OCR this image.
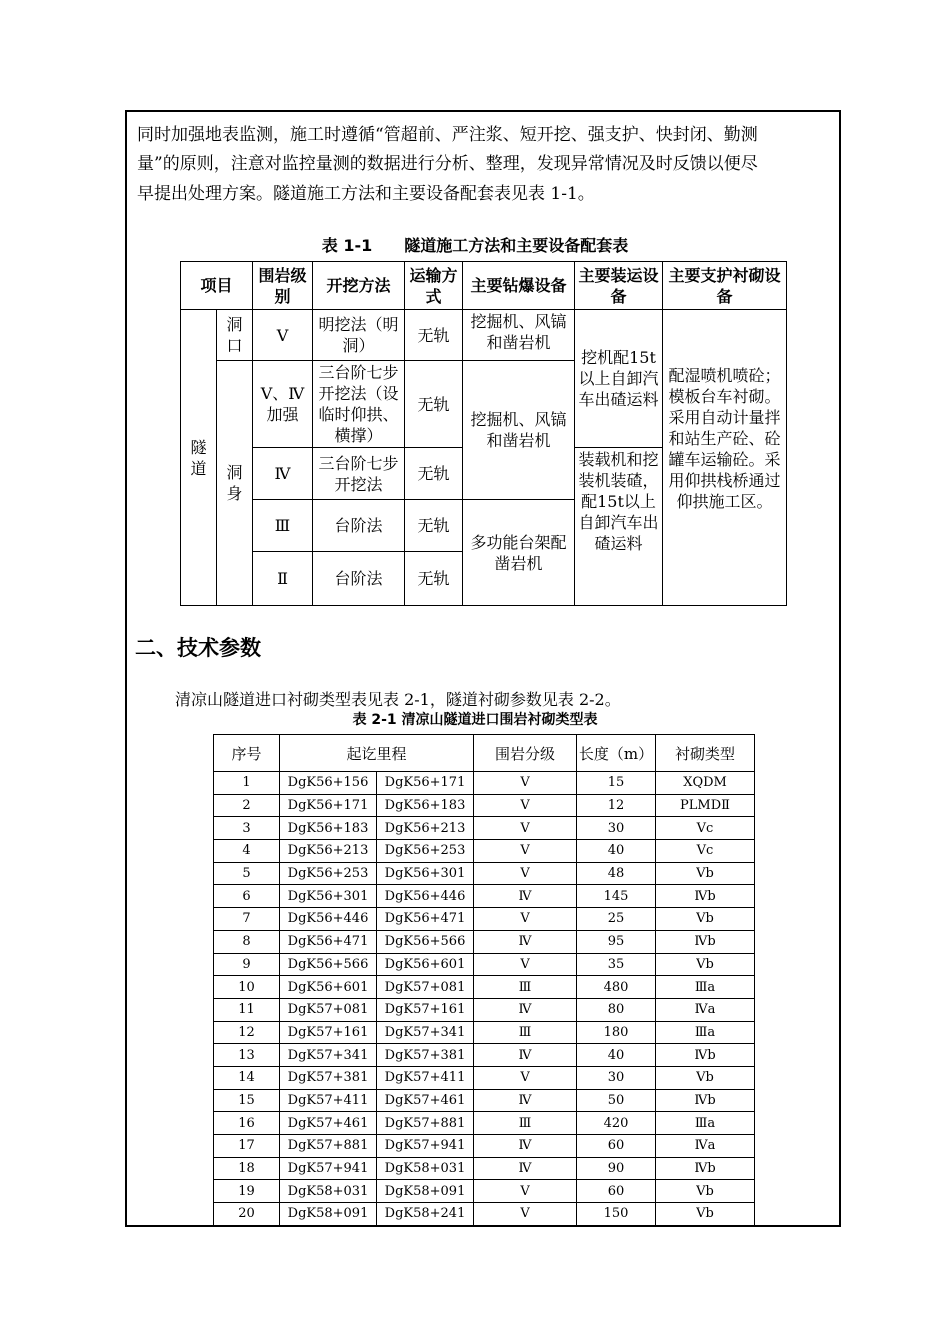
同时加强地表监测，施工时遵循“管超前、严注浆、短开挖、强支护、快封闭、勤测
量”的原则，注意对监控量测的数据进行分析、整理，发现异常情况及时反馈以便尽
早提出处理方案。隧道施工方法和主要设备配套表见表 1-1。
表 1-1　　隧道施工方法和主要设备配套表
项目		围岩级别	开挖方法	运输方式	主要钻爆设备	主要装运设备	主要支护衬砌设备
隧道	洞口	Ⅴ	明挖法（明洞）	无轨	挖掘机、风镐和凿岩机	挖机配15t以上自卸汽车出碴运料	配湿喷机喷砼；模板台车衬砌。采用自动计量拌和站生产砼、砼罐车运输砼。采用仰拱栈桥通过仰拱施工区。
	洞身	Ⅴ、Ⅳ加强	三台阶七步开挖法（设临时仰拱、横撑）	无轨	挖掘机、风镐和凿岩机		
		Ⅳ	三台阶七步开挖法	无轨		装载机和挖装机装碴，配15t以上自卸汽车出碴运料	
		Ⅲ	台阶法	无轨	多功能台架配凿岩机		
		Ⅱ	台阶法	无轨			
二、技术参数
清凉山隧道进口衬砌类型表见表 2-1，隧道衬砌参数见表 2-2。
表 2-1 清凉山隧道进口围岩衬砌类型表
序号	起讫里程		围岩分级	长度（m）	衬砌类型
1	DgK56+156	DgK56+171	Ⅴ	15	XQDM
2	DgK56+171	DgK56+183	Ⅴ	12	PLMDⅡ
3	DgK56+183	DgK56+213	Ⅴ	30	Ⅴc
4	DgK56+213	DgK56+253	Ⅴ	40	Ⅴc
5	DgK56+253	DgK56+301	Ⅴ	48	Ⅴb
6	DgK56+301	DgK56+446	Ⅳ	145	Ⅳb
7	DgK56+446	DgK56+471	Ⅴ	25	Ⅴb
8	DgK56+471	DgK56+566	Ⅳ	95	Ⅳb
9	DgK56+566	DgK56+601	Ⅴ	35	Ⅴb
10	DgK56+601	DgK57+081	Ⅲ	480	Ⅲa
11	DgK57+081	DgK57+161	Ⅳ	80	Ⅳa
12	DgK57+161	DgK57+341	Ⅲ	180	Ⅲa
13	DgK57+341	DgK57+381	Ⅳ	40	Ⅳb
14	DgK57+381	DgK57+411	Ⅴ	30	Ⅴb
15	DgK57+411	DgK57+461	Ⅳ	50	Ⅳb
16	DgK57+461	DgK57+881	Ⅲ	420	Ⅲa
17	DgK57+881	DgK57+941	Ⅳ	60	Ⅳa
18	DgK57+941	DgK58+031	Ⅳ	90	Ⅳb
19	DgK58+031	DgK58+091	Ⅴ	60	Ⅴb
20	DgK58+091	DgK58+241	Ⅴ	150	Ⅴb
